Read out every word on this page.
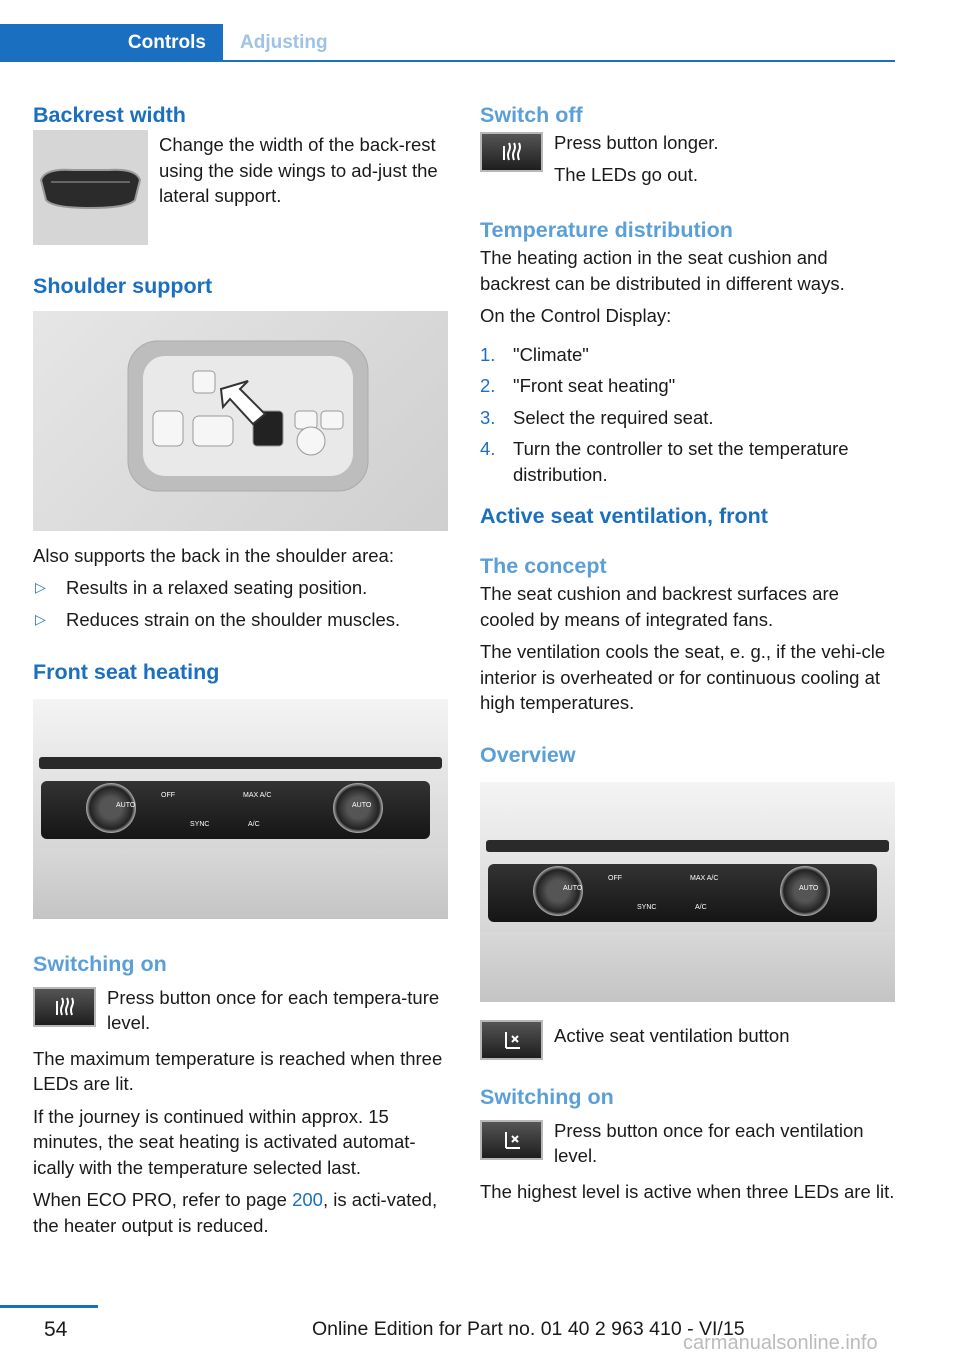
Controls	Adjusting
Backrest width

Change the width of the back-rest using the side wings to ad-just the lateral support.

Shoulder support

Also supports the back in the shoulder area:

▷ Results in a relaxed seating position.
▷ Reduces strain on the shoulder muscles.
Front seat heating
AUTO
OFF	MAX A/C
AUTO
SYNC	A/C
Switching on

Press button once for each tempera-ture level.

The maximum temperature is reached when three LEDs are lit.

If the journey is continued within approx. 15 minutes, the seat heating is activated automat-ically with the temperature selected last.

When ECO PRO, refer to page 200, is acti-vated, the heater output is reduced.

Switch off

Press button longer.

The LEDs go out.

Temperature distribution

The heating action in the seat cushion and backrest can be distributed in different ways.

On the Control Display:

1. "Climate"
2. "Front seat heating"
3. Select the required seat.
4. Turn the controller to set the temperature distribution.
Active seat ventilation, front
The concept

The seat cushion and backrest surfaces are cooled by means of integrated fans.

The ventilation cools the seat, e. g., if the vehi-cle interior is overheated or for continuous cooling at high temperatures.

Overview
AUTO
OFF	MAX A/C
AUTO
SYNC	A/C

Active seat ventilation button

Switching on

Press button once for each ventilation level.

The highest level is active when three LEDs are lit.

54	Online Edition for Part no. 01 40 2 963 410 - VI/15
carmanualsonline.info
